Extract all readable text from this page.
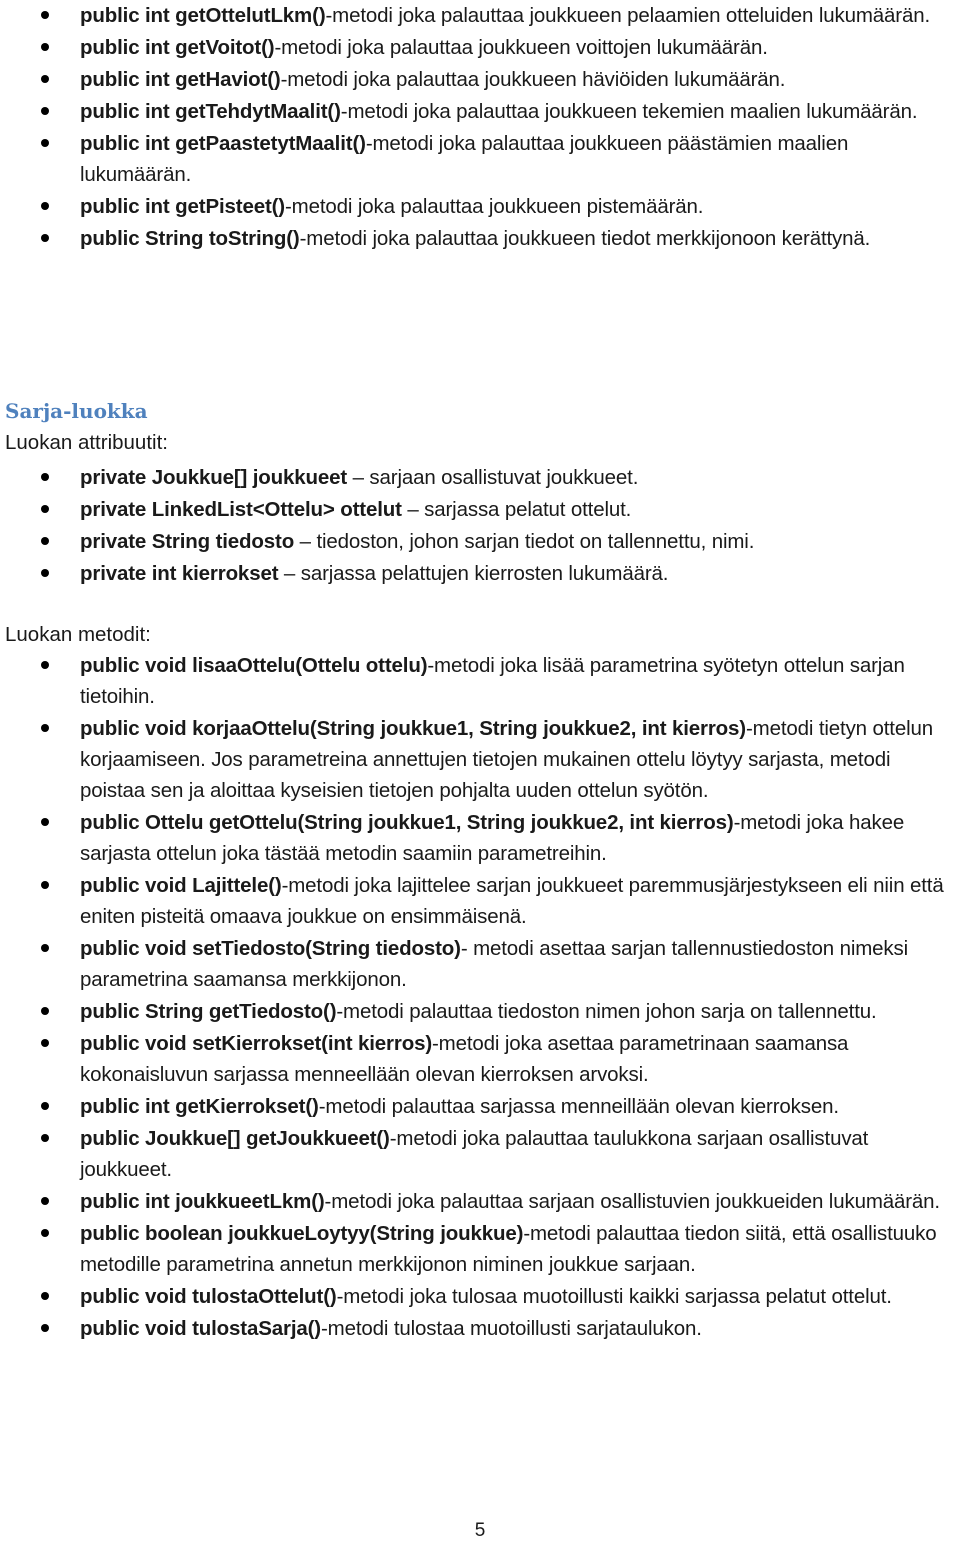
public int getOttelutLkm()-metodi joka palauttaa joukkueen pelaamien otteluiden lukumäärän.
public int getVoitot()-metodi joka palauttaa joukkueen voittojen lukumäärän.
public int getHaviot()-metodi joka palauttaa joukkueen häviöiden lukumäärän.
public int getTehdytMaalit()-metodi joka palauttaa joukkueen tekemien maalien lukumäärän.
public int getPaastetytMaalit()-metodi joka palauttaa joukkueen päästämien maalien lukumäärän.
public int getPisteet()-metodi joka palauttaa joukkueen pistemäärän.
public String toString()-metodi joka palauttaa joukkueen tiedot merkkijonoon kerättynä.
Sarja-luokka
Luokan attribuutit:
private Joukkue[] joukkueet – sarjaan osallistuvat joukkueet.
private LinkedList<Ottelu> ottelut – sarjassa pelatut ottelut.
private String tiedosto – tiedoston, johon sarjan tiedot on tallennettu, nimi.
private int kierrokset – sarjassa pelattujen kierrosten lukumäärä.
Luokan metodit:
public void lisaaOttelu(Ottelu ottelu)-metodi joka lisää parametrina syötetyn ottelun sarjan tietoihin.
public void korjaaOttelu(String joukkue1, String joukkue2, int kierros)-metodi tietyn ottelun korjaamiseen. Jos parametreina annettujen tietojen mukainen ottelu löytyy sarjasta, metodi poistaa sen ja aloittaa kyseisien tietojen pohjalta uuden ottelun syötön.
public Ottelu getOttelu(String joukkue1, String joukkue2, int kierros)-metodi joka hakee sarjasta ottelun joka tästää metodin saamiin parametreihin.
public void Lajittele()-metodi joka lajittelee sarjan joukkueet paremmusjärjestykseen eli niin että eniten pisteitä omaava joukkue on ensimmäisenä.
public void setTiedosto(String tiedosto)- metodi asettaa sarjan tallennustiedoston nimeksi parametrina saamansa merkkijonon.
public String getTiedosto()-metodi palauttaa tiedoston nimen johon sarja on tallennettu.
public void setKierrokset(int kierros)-metodi joka asettaa parametrinaan saamansa kokonaisluvun sarjassa menneellään olevan kierroksen arvoksi.
public int getKierrokset()-metodi palauttaa sarjassa menneillään olevan kierroksen.
public Joukkue[] getJoukkueet()-metodi joka palauttaa taulukkona sarjaan osallistuvat joukkueet.
public int joukkueetLkm()-metodi joka palauttaa sarjaan osallistuvien joukkueiden lukumäärän.
public boolean joukkueLoytyy(String joukkue)-metodi palauttaa tiedon siitä, että osallistuuko metodille parametrina annetun merkkijonon niminen joukkue sarjaan.
public void tulostaOttelut()-metodi joka tulosaa muotoillusti kaikki sarjassa pelatut ottelut.
public void tulostaSarja()-metodi tulostaa muotoillusti sarjataulukon.
5
